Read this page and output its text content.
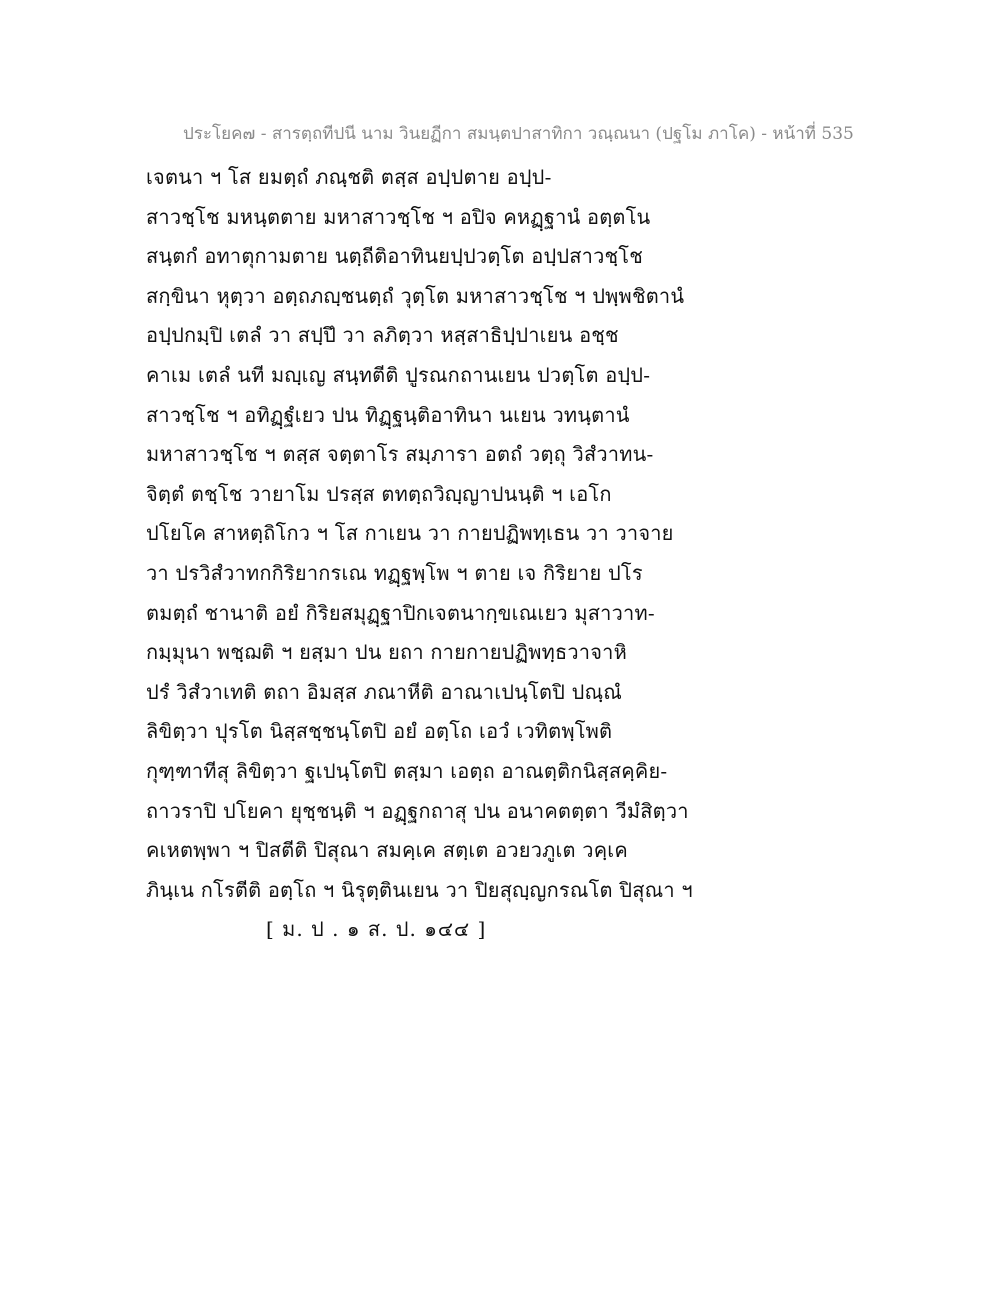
ประโยค๗ - สารตฺถทีปนี นาม วินยฏีกา สมนฺตปาสาทิกา วณฺณนา (ปฐโม ภาโค) - หน้าที่ 535
เจตนา ฯ โส ยมตฺถํ ภณฺชติ ตสฺส อปฺปตาย อปฺป-
สาวชฺโช มหนฺตตาย มหาสาวชฺโช ฯ อปิจ คหฏฺฐานํ อตฺตโน
สนฺตกํ อทาตุกามตาย นตฺถีติอาทินยปฺปวตฺโต อปฺปสาวชฺโช
สกฺขินา หุตฺวา อตฺถภญฺชนตฺถํ วุตฺโต มหาสาวชฺโช ฯ ปพฺพชิตานํ
อปฺปกมฺปิ เตลํ วา สปฺปึ วา ลภิตฺวา หสฺสาธิปฺปาเยน อชฺช
คาเม เตลํ นที มญฺเญ สนฺทตีติ ปูรณกถานเยน ปวตฺโต อปฺป-
สาวชฺโช ฯ อทิฏฺฐํเยว ปน ทิฏฺฐนฺติอาทินา นเยน วทนฺตานํ
มหาสาวชฺโช ฯ ตสฺส จตฺตาโร สมฺภารา อตถํ วตฺถุ วิสํวาทน-
จิตฺตํ ตชฺโช วายาโม ปรสฺส ตทตฺถวิญฺญาปนนฺติ ฯ เอโก
ปโยโค สาหตฺถิโกว ฯ โส กาเยน วา กายปฏิพทฺเธน วา วาจาย
วา ปรวิสํวาทกกิริยากรเณ ทฏฺฐพฺโพ ฯ ตาย เจ กิริยาย ปโร
ตมตฺถํ ชานาติ อยํ กิริยสมุฏฺฐาปิกเจตนากฺขเณเยว มุสาวาท-
กมฺมุนา พชฺฌติ ฯ ยสฺมา ปน ยถา กายกายปฏิพทฺธวาจาหิ
ปรํ วิสํวาเทติ ตถา อิมสฺส ภณาหีติ อาณาเปนฺโตปิ ปณฺณํ
ลิขิตฺวา ปุรโต นิสฺสชฺชนฺโตปิ อยํ อตฺโถ เอวํ เวทิตพฺโพติ
กุฑฺฑาทีสุ ลิขิตฺวา ฐเปนฺโตปิ ตสฺมา เอตฺถ อาณตฺติกนิสฺสคฺคิย-
ถาวราปิ ปโยคา ยุชฺชนฺติ ฯ อฏฺฐกถาสุ ปน อนาคตตฺตา วีมํสิตฺวา
คเหตพฺพา ฯ ปิสตีติ ปิสุณา สมคฺเค สตฺเต อวยวภูเต วคฺเค
ภินฺเน กโรตีติ อตฺโถ ฯ นิรุตฺตินเยน วา ปิยสุญฺญกรณโต ปิสุณา ฯ
[ ม. ป . ๑ ส. ป. ๑๔๔ ]
